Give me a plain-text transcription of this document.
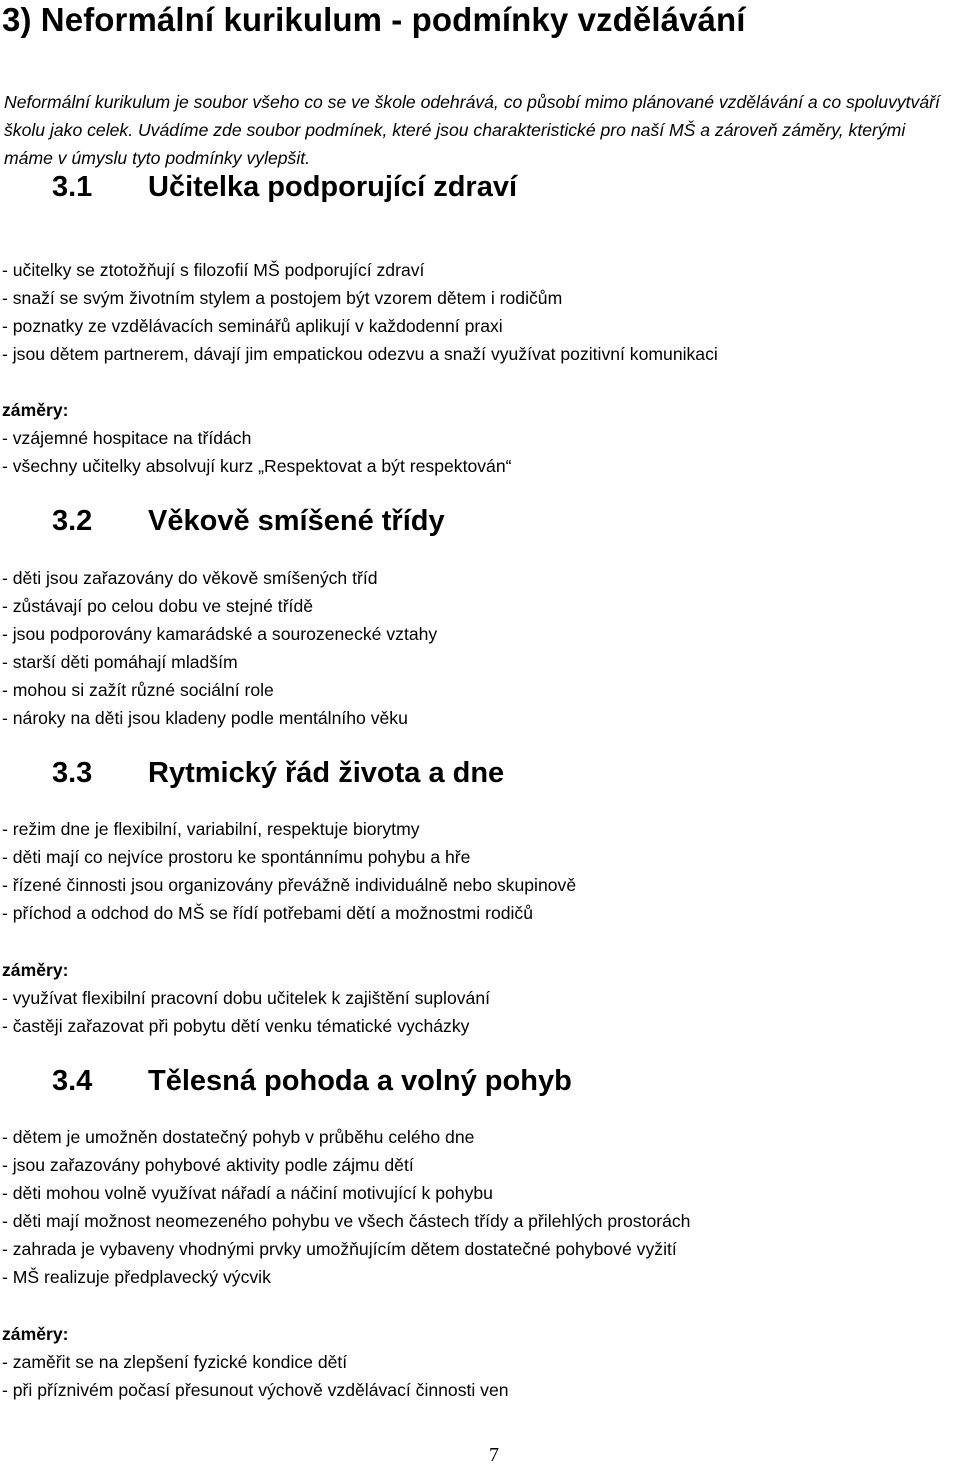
3) Neformální kurikulum - podmínky vzdělávání

Neformální kurikulum je soubor všeho co se ve škole odehrává, co působí mimo plánované vzdělávání a co spoluvytváří školu jako celek. Uvádíme zde soubor podmínek, které jsou charakteristické pro naší MŠ a zároveň záměry, kterými máme v úmyslu tyto podmínky vylepšit.

3.1 Učitelka podporující zdraví
- učitelky se ztotožňují s filozofií MŠ podporující zdraví
- snaží se svým životním stylem a postojem být vzorem dětem i rodičům
- poznatky ze vzdělávacích seminářů aplikují v každodenní praxi
- jsou dětem partnerem, dávají jim empatickou odezvu a snaží využívat pozitivní komunikaci

záměry:

- vzájemné hospitace na třídách
- všechny učitelky absolvují kurz „Respektovat a být respektován“
3.2 Věkově smíšené třídy
- děti jsou zařazovány do věkově smíšených tříd
- zůstávají po celou dobu ve stejné třídě
- jsou podporovány kamarádské a sourozenecké vztahy
- starší děti pomáhají mladším
- mohou si zažít různé sociální role
- nároky na děti jsou kladeny podle mentálního věku
3.3 Rytmický řád života a dne
- režim dne je flexibilní, variabilní, respektuje biorytmy
- děti mají co nejvíce prostoru ke spontánnímu pohybu a hře
- řízené činnosti jsou organizovány převážně individuálně nebo skupinově
- příchod a odchod do MŠ se řídí potřebami dětí a možnostmi rodičů

záměry:

- využívat flexibilní pracovní dobu učitelek k zajištění suplování
- častěji zařazovat při pobytu dětí venku tématické vycházky
3.4 Tělesná pohoda a volný pohyb
- dětem je umožněn dostatečný pohyb v průběhu celého dne
- jsou zařazovány pohybové aktivity podle zájmu dětí
- děti mohou volně využívat nářadí a náčiní motivující k pohybu
- děti mají možnost neomezeného pohybu ve všech částech třídy a přilehlých prostorách
- zahrada je vybaveny vhodnými prvky umožňujícím dětem dostatečné pohybové vyžití
- MŠ realizuje předplavecký výcvik

záměry:

- zaměřit se na zlepšení fyzické kondice dětí
- při příznivém počasí přesunout výchově vzdělávací činnosti ven
7
